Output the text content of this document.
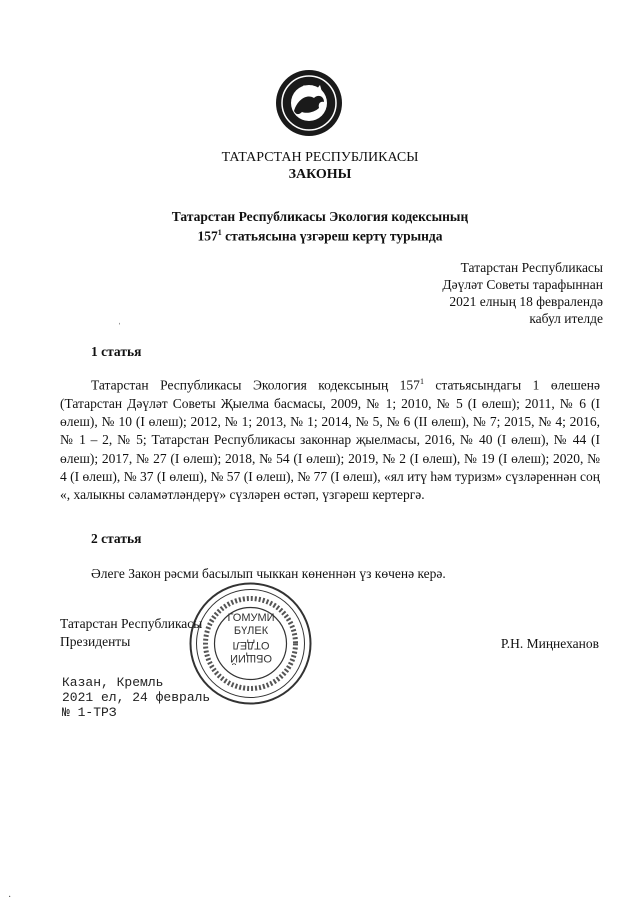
ТАТАРСТАН РЕСПУБЛИКАСЫ
ЗАКОНЫ
Татарстан Республикасы Экология кодексының
$157^1$ статьясына үзгәреш кертү турында
Татарстан Республикасы
Дәүләт Советы тарафыннан
2021 елның 18 февралендә
кабул ителде
ˈ
1 статья

Татарстан Республикасы Экология кодексының $157^1$ статьясындагы 1 өлешенә (Татарстан Дәүләт Советы Җыелма басмасы, 2009, № 1; 2010, № 5 (I өлеш); 2011, № 6 (I өлеш), № 10 (I өлеш); 2012, № 1; 2013, № 1; 2014, № 5, № 6 (II өлеш), № 7; 2015, № 4; 2016, № 1 – 2, № 5; Татарстан Республикасы законнар җыелмасы, 2016, № 40 (I өлеш), № 44 (I өлеш); 2017, № 27 (I өлеш); 2018, № 54 (I өлеш); 2019, № 2 (I өлеш), № 19 (I өлеш); 2020, № 4 (I өлеш), № 37 (I өлеш), № 57 (I өлеш), № 77 (I өлеш), «ял итү һәм туризм» сүзләреннән соң «, халыкны сәламәтләндерү» сүзләрен өстәп, үзгәреш кертергә.

2 статья

Әлеге Закон рәсми басылып чыккан көненнән үз көченә керә.

ГОМУМИ
БҮЛЕК
ОТДЕЛ
ОБЩИЙ
Татарстан Республикасы
Президенты	Р.Н. Миңнеханов
Казан, Кремль
2021 ел, 24 февраль
№ 1-ТРЗ
·
